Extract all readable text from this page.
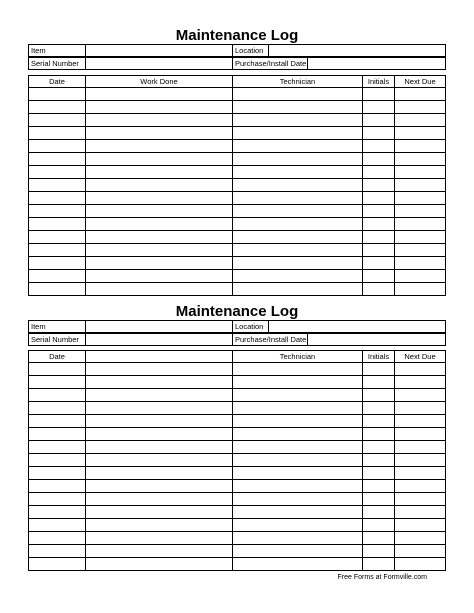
Maintenance Log
Item		Location	
Serial Number		Purchase/Install Date	
Date	Work Done	Technician	Initials	Next Due

Maintenance Log
Item		Location	
Serial Number		Purchase/Install Date	
Date		Technician	Initials	Next Due

Free Forms at Formville.com
